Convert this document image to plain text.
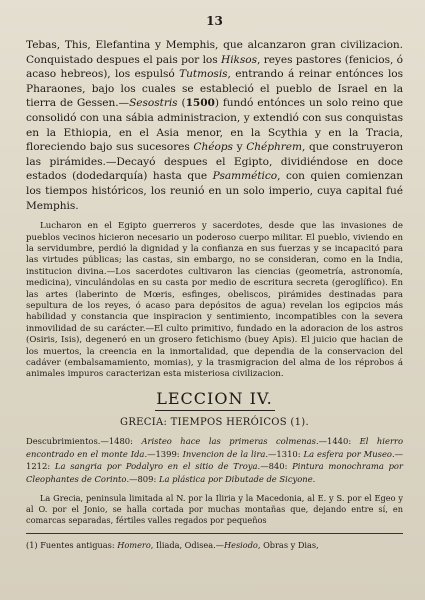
13

Tebas, This, Elefantina y Memphis, que alcanzaron gran civilizacion. Conquistado despues el pais por los Hiksos, reyes pastores (fenicios, ó acaso hebreos), los espulsó Tutmosis, entrando á reinar entónces los Pharaones, bajo los cuales se estableció el pueblo de Israel en la tierra de Gessen.—Sesostris (1500) fundó entónces un solo reino que consolidó con una sábia administracion, y extendió con sus conquistas en la Ethiopia, en el Asia menor, en la Scythia y en la Tracia, floreciendo bajo sus sucesores Chéops y Chéphrem, que construyeron las pirámides.—Decayó despues el Egipto, dividiéndose en doce estados (dodedarquía) hasta que Psammético, con quien comienzan los tiempos históricos, los reunió en un solo imperio, cuya capital fué Memphis.

Lucharon en el Egipto guerreros y sacerdotes, desde que las invasiones de pueblos vecinos hicieron necesario un poderoso cuerpo militar. El pueblo, viviendo en la servidumbre, perdió la dignidad y la confianza en sus fuerzas y se incapacitó para las virtudes públicas; las castas, sin embargo, no se consideran, como en la India, institucion divina.—Los sacerdotes cultivaron las ciencias (geometría, astronomía, medicina), vinculándolas en su casta por medio de escritura secreta (geroglífico). En las artes (laberinto de Mœris, esfinges, obeliscos, pirámides destinadas para sepultura de los reyes, ó acaso para depósitos de agua) revelan los egipcios más habilidad y constancia que inspiracion y sentimiento, incompatibles con la severa inmovilidad de su carácter.—El culto primitivo, fundado en la adoracion de los astros (Osiris, Isis), degeneró en un grosero fetichismo (buey Apis). El juicio que hacian de los muertos, la creencia en la inmortalidad, que dependia de la conservacion del cadáver (embalsamamiento, momias), y la trasmigracion del alma de los réprobos á animales impuros caracterizan esta misteriosa civilizacion.

LECCION IV.
GRECIA: TIEMPOS HERÓICOS (1).

Descubrimientos.—1480: Aristeo hace las primeras colmenas.—1440: El hierro encontrado en el monte Ida.—1399: Invencion de la lira.—1310: La esfera por Museo.—1212: La sangria por Podalyro en el sitio de Troya.—840: Pintura monochrama por Cleophantes de Corinto.—809: La plástica por Dibutade de Sicyone.

La Grecia, peninsula limitada al N. por la Iliria y la Macedonia, al E. y S. por el Egeo y al O. por el Jonio, se halla cortada por muchas montañas que, dejando entre sí, en comarcas separadas, fértiles valles regados por pequeños

(1) Fuentes antiguas: Homero, Iliada, Odisea.—Hesiodo, Obras y Dias,
